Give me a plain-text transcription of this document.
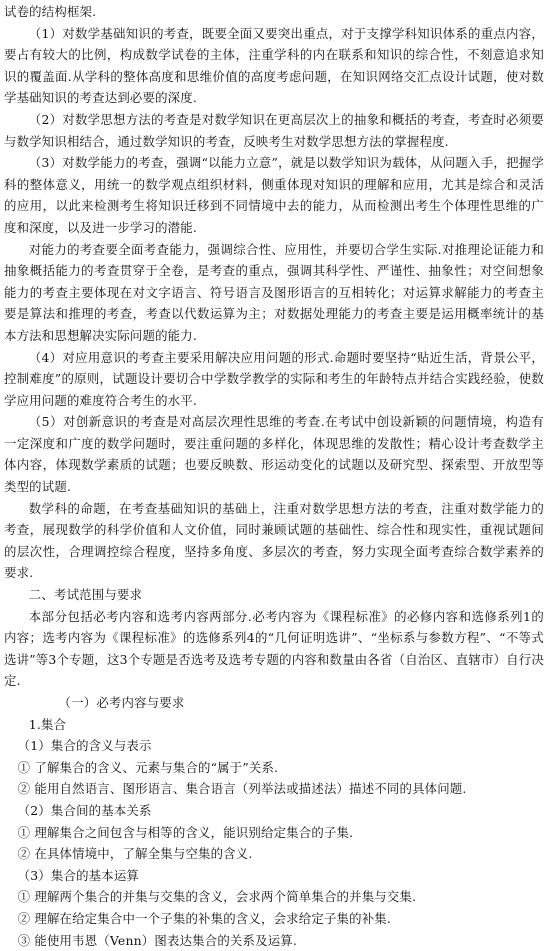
试卷的结构框架.

（1）对数学基础知识的考查，既要全面又要突出重点，对于支撑学科知识体系的重点内容，要占有较大的比例，构成数学试卷的主体，注重学科的内在联系和知识的综合性，不刻意追求知识的覆盖面.从学科的整体高度和思维价值的高度考虑问题，在知识网络交汇点设计试题，使对数学基础知识的考查达到必要的深度.

（2）对数学思想方法的考查是对数学知识在更高层次上的抽象和概括的考查，考查时必须要与数学知识相结合，通过数学知识的考查，反映考生对数学思想方法的掌握程度.

（3）对数学能力的考查，强调“以能力立意”，就是以数学知识为载体，从问题入手，把握学科的整体意义，用统一的数学观点组织材料，侧重体现对知识的理解和应用，尤其是综合和灵活的应用，以此来检测考生将知识迁移到不同情境中去的能力，从而检测出考生个体理性思维的广度和深度，以及进一步学习的潜能.

对能力的考查要全面考查能力，强调综合性、应用性，并要切合学生实际.对推理论证能力和抽象概括能力的考查贯穿于全卷，是考查的重点，强调其科学性、严谨性、抽象性；对空间想象能力的考查主要体现在对文字语言、符号语言及图形语言的互相转化；对运算求解能力的考查主要是算法和推理的考查，考查以代数运算为主；对数据处理能力的考查主要是运用概率统计的基本方法和思想解决实际问题的能力.

（4）对应用意识的考查主要采用解决应用问题的形式.命题时要坚持“贴近生活，背景公平，控制难度”的原则，试题设计要切合中学数学教学的实际和考生的年龄特点并结合实践经验，使数学应用问题的难度符合考生的水平.

（5）对创新意识的考查是对高层次理性思维的考查.在考试中创设新颖的问题情境，构造有一定深度和广度的数学问题时，要注重问题的多样化，体现思维的发散性；精心设计考查数学主体内容，体现数学素质的试题；也要反映数、形运动变化的试题以及研究型、探索型、开放型等类型的试题.

数学科的命题，在考查基础知识的基础上，注重对数学思想方法的考查，注重对数学能力的考查，展现数学的科学价值和人文价值，同时兼顾试题的基础性、综合性和现实性，重视试题间的层次性，合理调控综合程度，坚持多角度、多层次的考查，努力实现全面考查综合数学素养的要求.

二、考试范围与要求

本部分包括必考内容和选考内容两部分.必考内容为《课程标准》的必修内容和选修系列1的内容；选考内容为《课程标准》的选修系列4的“几何证明选讲”、“坐标系与参数方程”、“不等式选讲”等3个专题，这3个专题是否选考及选考专题的内容和数量由各省（自治区、直辖市）自行决定.

（一）必考内容与要求

1.集合

（1）集合的含义与表示

① 了解集合的含义、元素与集合的“属于”关系.

② 能用自然语言、图形语言、集合语言（列举法或描述法）描述不同的具体问题.

（2）集合间的基本关系

① 理解集合之间包含与相等的含义，能识别给定集合的子集.

② 在具体情境中，了解全集与空集的含义.

（3）集合的基本运算

① 理解两个集合的并集与交集的含义，会求两个简单集合的并集与交集.

② 理解在给定集合中一个子集的补集的含义，会求给定子集的补集.

③ 能使用韦恩（Venn）图表达集合的关系及运算.
